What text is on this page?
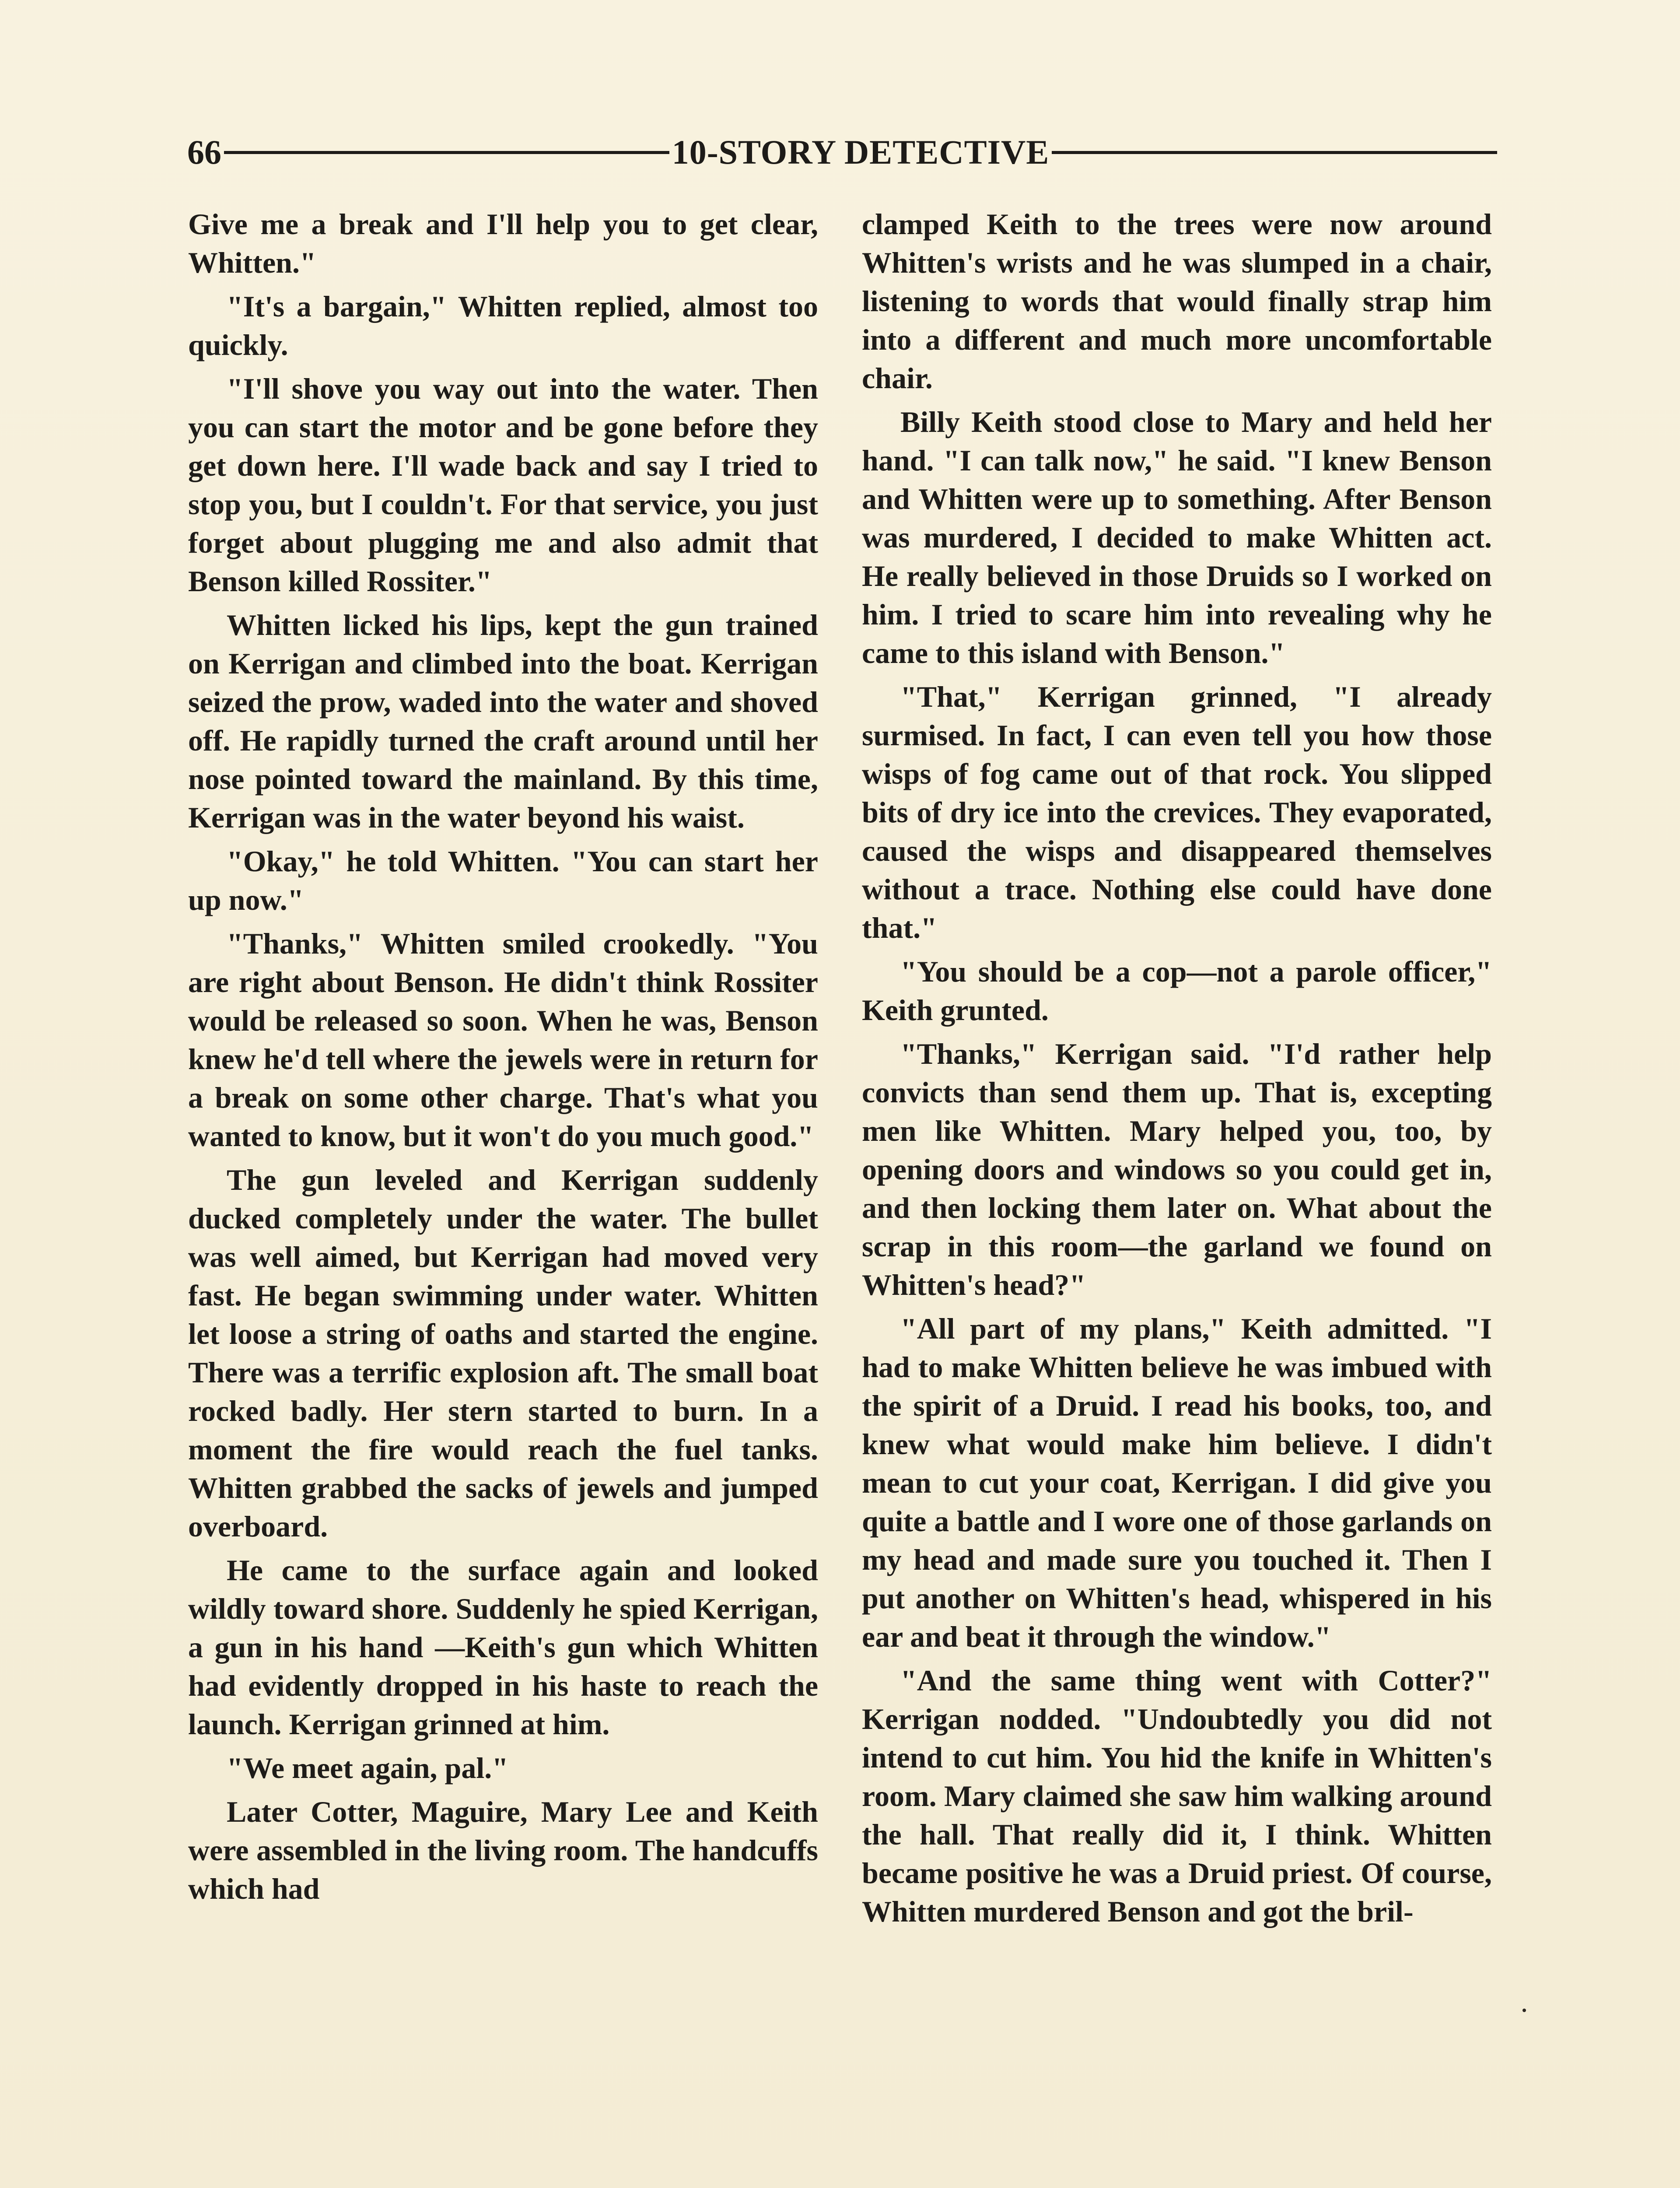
66	10-STORY DETECTIVE

Give me a break and I'll help you to get clear, Whitten."

"It's a bargain," Whitten replied, almost too quickly.

"I'll shove you way out into the water. Then you can start the motor and be gone before they get down here. I'll wade back and say I tried to stop you, but I couldn't. For that service, you just forget about plugging me and also admit that Benson killed Rossiter."

Whitten licked his lips, kept the gun trained on Kerrigan and climbed into the boat. Kerrigan seized the prow, waded into the water and shoved off. He rapidly turned the craft around until her nose pointed toward the mainland. By this time, Kerrigan was in the water beyond his waist.

"Okay," he told Whitten. "You can start her up now."

"Thanks," Whitten smiled crookedly. "You are right about Benson. He didn't think Rossiter would be released so soon. When he was, Benson knew he'd tell where the jewels were in return for a break on some other charge. That's what you wanted to know, but it won't do you much good."

The gun leveled and Kerrigan suddenly ducked completely under the water. The bullet was well aimed, but Kerrigan had moved very fast. He began swimming under water. Whitten let loose a string of oaths and started the engine. There was a terrific explosion aft. The small boat rocked badly. Her stern started to burn. In a moment the fire would reach the fuel tanks. Whitten grabbed the sacks of jewels and jumped overboard.

He came to the surface again and looked wildly toward shore. Suddenly he spied Kerrigan, a gun in his hand —Keith's gun which Whitten had evidently dropped in his haste to reach the launch. Kerrigan grinned at him.

"We meet again, pal."

Later Cotter, Maguire, Mary Lee and Keith were assembled in the living room. The handcuffs which had

clamped Keith to the trees were now around Whitten's wrists and he was slumped in a chair, listening to words that would finally strap him into a different and much more uncomfortable chair.

Billy Keith stood close to Mary and held her hand. "I can talk now," he said. "I knew Benson and Whitten were up to something. After Benson was murdered, I decided to make Whitten act. He really believed in those Druids so I worked on him. I tried to scare him into revealing why he came to this island with Benson."

"That," Kerrigan grinned, "I already surmised. In fact, I can even tell you how those wisps of fog came out of that rock. You slipped bits of dry ice into the crevices. They evaporated, caused the wisps and disappeared themselves without a trace. Nothing else could have done that."

"You should be a cop—not a parole officer," Keith grunted.

"Thanks," Kerrigan said. "I'd rather help convicts than send them up. That is, excepting men like Whitten. Mary helped you, too, by opening doors and windows so you could get in, and then locking them later on. What about the scrap in this room—the garland we found on Whitten's head?"

"All part of my plans," Keith admitted. "I had to make Whitten believe he was imbued with the spirit of a Druid. I read his books, too, and knew what would make him believe. I didn't mean to cut your coat, Kerrigan. I did give you quite a battle and I wore one of those garlands on my head and made sure you touched it. Then I put another on Whitten's head, whispered in his ear and beat it through the window."

"And the same thing went with Cotter?" Kerrigan nodded. "Undoubtedly you did not intend to cut him. You hid the knife in Whitten's room. Mary claimed she saw him walking around the hall. That really did it, I think. Whitten became positive he was a Druid priest. Of course, Whitten murdered Benson and got the bril-
